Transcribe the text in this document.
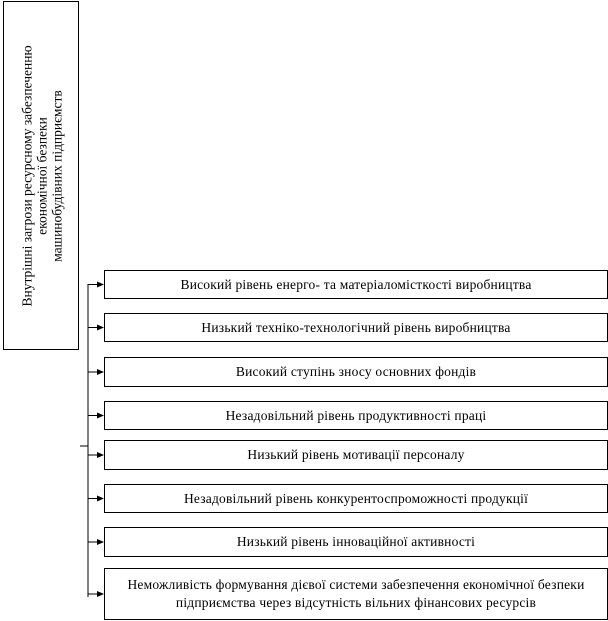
Внутрішні загрози ресурсному забезпеченню
економічної безпеки
машинобудівних підприємств
Високий рівень енерго- та матеріаломісткості виробництва
Низький техніко-технологічний рівень виробництва
Високий ступінь зносу основних фондів
Незадовільний рівень продуктивності праці
Низький рівень мотивації персоналу
Незадовільний рівень конкурентоспроможності продукції
Низький рівень інноваційної активності
Неможливість формування дієвої системи забезпечення економічної безпеки підприємства через відсутність вільних фінансових ресурсів
